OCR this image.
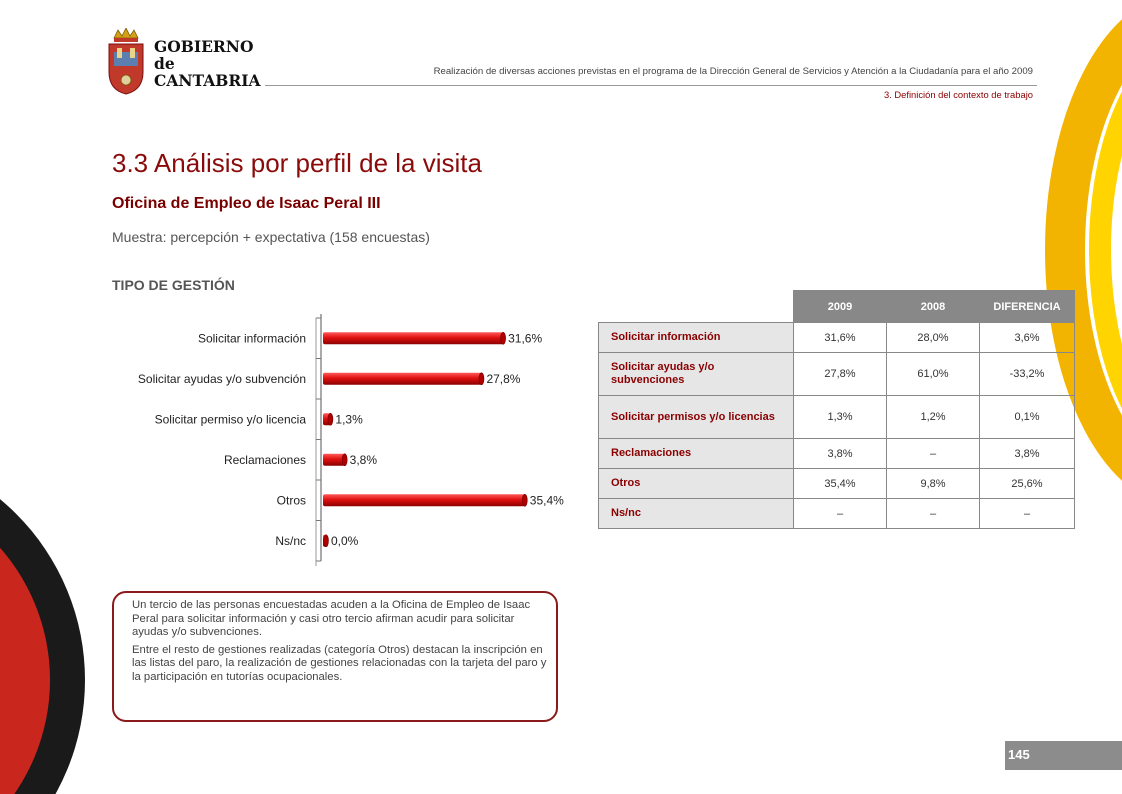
GOBIERNO
de
CANTABRIA	Realización de diversas acciones previstas en el programa de la Dirección General de Servicios y Atención a la Ciudadanía para el año 2009
3. Definición del contexto de trabajo
3.3 Análisis por perfil de la visita
Oficina de Empleo de Isaac Peral III
Muestra: percepción + expectativa (158 encuestas)
TIPO DE GESTIÓN
Solicitar información	31,6%
Solicitar ayudas y/o subvención	27,8%
Solicitar permiso y/o licencia 1,3%
Reclamaciones	3,8%
Otros	35,4%
Ns/nc 0,0%
	2009	2008	DIFERENCIA
Solicitar información	31,6%	28,0%	3,6%
Solicitar ayudas y/o subvenciones	27,8%	61,0%	-33,2%
Solicitar permisos y/o licencias	1,3%	1,2%	0,1%
Reclamaciones	3,8%	–	3,8%
Otros	35,4%	9,8%	25,6%
Ns/nc	–	–	–

Un tercio de las personas encuestadas acuden a la Oficina de Empleo de Isaac Peral para solicitar información y casi otro tercio afirman acudir para solicitar ayudas y/o subvenciones.

Entre el resto de gestiones realizadas (categoría Otros) destacan la inscripción en las listas del paro, la realización de gestiones relacionadas con la tarjeta del paro y la participación en tutorías ocupacionales.

145
